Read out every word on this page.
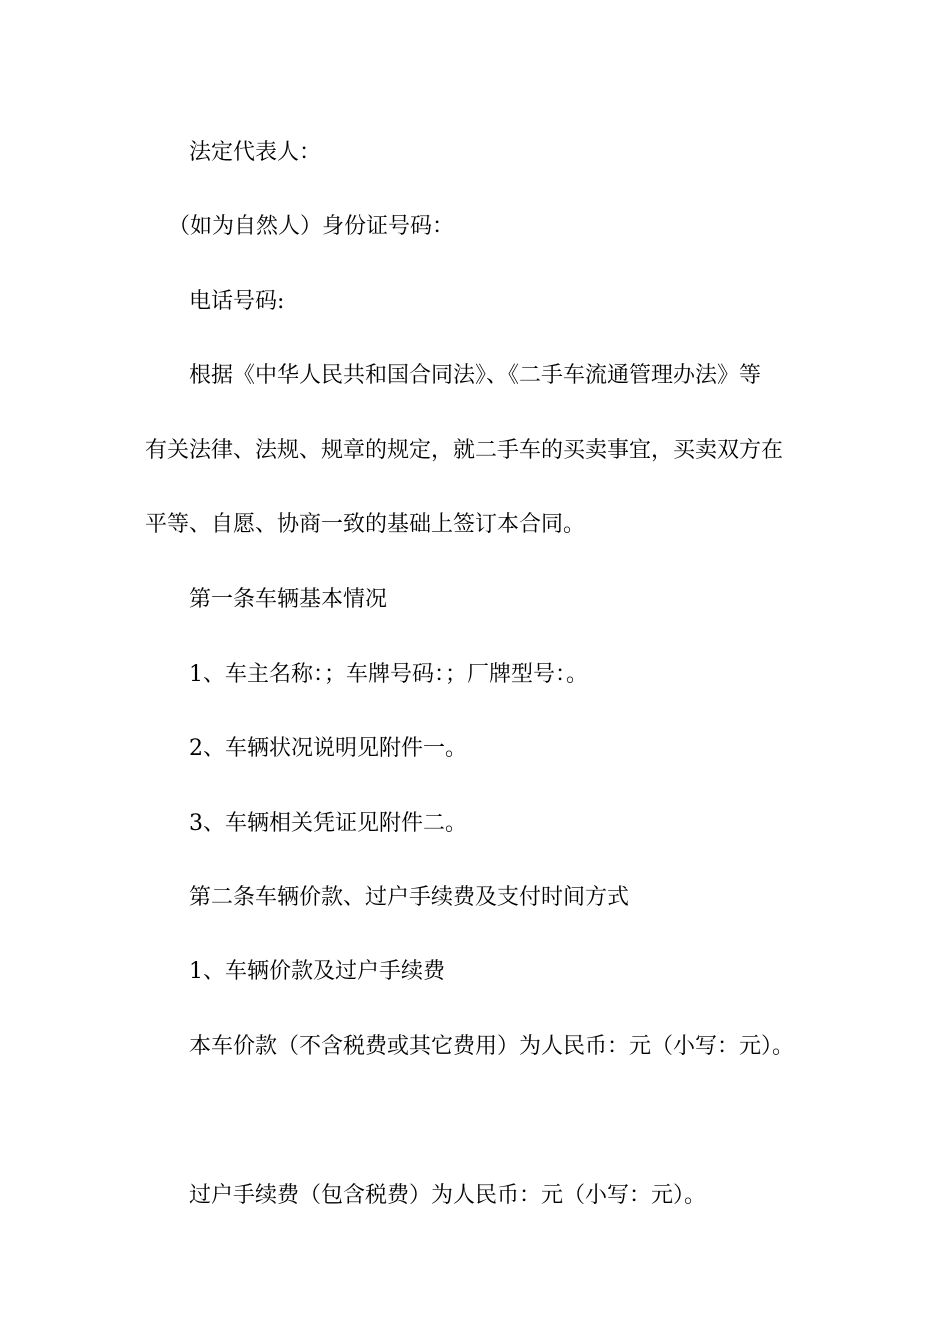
法定代表人：

（如为自然人）身份证号码：

电话号码:

根据《中华人民共和国合同法》、《二手车流通管理办法》等

有关法律、法规、规章的规定，就二手车的买卖事宜，买卖双方在

平等、自愿、协商一致的基础上签订本合同。

第一条车辆基本情况

1、车主名称：；车牌号码：；厂牌型号：。

2、车辆状况说明见附件一。

3、车辆相关凭证见附件二。

第二条车辆价款、过户手续费及支付时间方式

1、车辆价款及过户手续费

本车价款（不含税费或其它费用）为人民币：元（小写：元）。

过户手续费（包含税费）为人民币：元（小写：元）。
